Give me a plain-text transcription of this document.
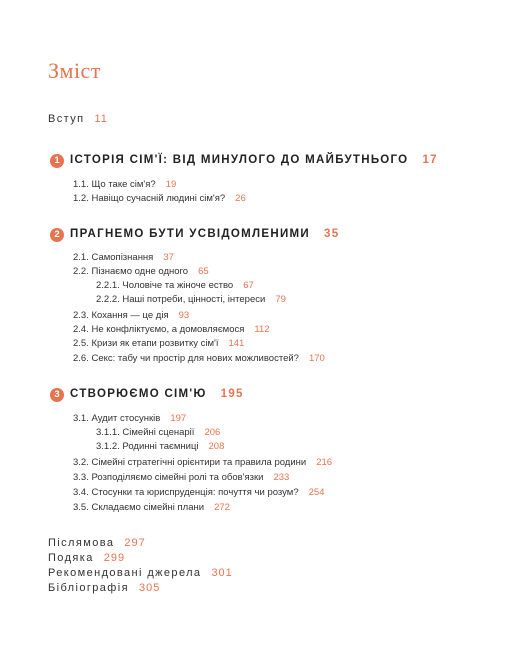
Зміст
Вступ 11
1 ІСТОРІЯ СІМ'Ї: ВІД МИНУЛОГО ДО МАЙБУТНЬОГО 17
1.1. Що таке сім'я? 19
1.2. Навіщо сучасній людині сім'я? 26
2 ПРАГНЕМО БУТИ УСВІДОМЛЕНИМИ 35
2.1. Самопізнання 37
2.2. Пізнаємо одне одного 65
2.2.1. Чоловіче та жіноче ество 67
2.2.2. Наші потреби, цінності, інтереси 79
2.3. Кохання — це дія 93
2.4. Не конфліктуємо, а домовляємося 112
2.5. Кризи як етапи розвитку сім'ї 141
2.6. Секс: табу чи простір для нових можливостей? 170
3 СТВОРЮЄМО СІМ'Ю 195
3.1. Аудит стосунків 197
3.1.1. Сімейні сценарії 206
3.1.2. Родинні таємниці 208
3.2. Сімейні стратегічні орієнтири та правила родини 216
3.3. Розподіляємо сімейні ролі та обов'язки 233
3.4. Стосунки та юриспруденція: почуття чи розум? 254
3.5. Складаємо сімейні плани 272
Післямова 297
Подяка 299
Рекомендовані джерела 301
Бібліографія 305
